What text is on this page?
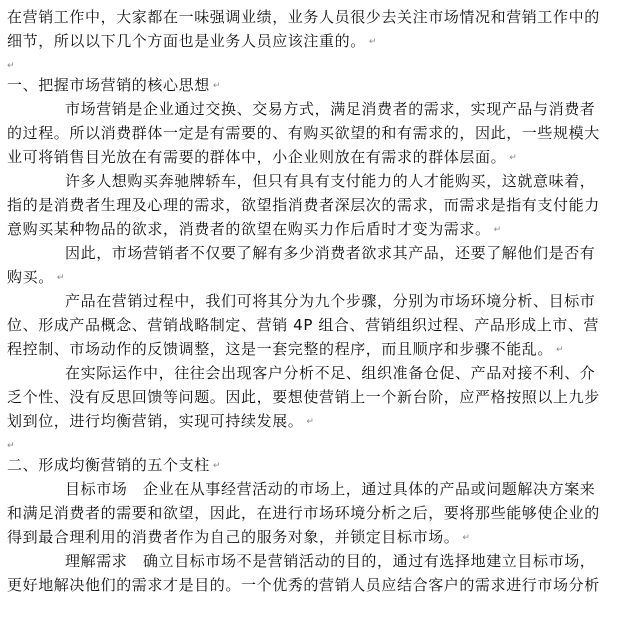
在营销工作中，大家都在一味强调业绩，业务人员很少去关注市场情况和营销工作中的
细节，所以以下几个方面也是业务人员应该注重的。 ↵
↵
一、把握市场营销的核心思想 ↵
市场营销是企业通过交换、交易方式，满足消费者的需求，实现产品与消费者
的过程。所以消费群体一定是有需要的、有购买欲望的和有需求的，因此，一些规模大
业可将销售目光放在有需要的群体中，小企业则放在有需求的群体层面。 ↵
许多人想购买奔驰牌轿车，但只有具有支付能力的人才能购买，这就意味着，
指的是消费者生理及心理的需求，欲望指消费者深层次的需求，而需求是指有支付能力
意购买某种物品的欲求，消费者的欲望在购买力作后盾时才变为需求。 ↵
因此，市场营销者不仅要了解有多少消费者欲求其产品，还要了解他们是否有
购买。 ↵
产品在营销过程中，我们可将其分为九个步骤，分别为市场环境分析、目标市
位、形成产品概念、营销战略制定、营销 4P 组合、营销组织过程、产品形成上市、营
程控制、市场动作的反馈调整，这是一套完整的程序，而且顺序和步骤不能乱。 ↵
在实际运作中，往往会出现客户分析不足、组织准备仓促、产品对接不利、介
乏个性、没有反思回馈等问题。因此，要想使营销上一个新台阶，应严格按照以上九步
划到位，进行均衡营销，实现可持续发展。 ↵
↵
二、形成均衡营销的五个支柱 ↵
目标市场　企业在从事经营活动的市场上，通过具体的产品或问题解决方案来
和满足消费者的需要和欲望，因此，在进行市场环境分析之后，要将那些能够使企业的
得到最合理利用的消费者作为自己的服务对象，并锁定目标市场。 ↵
理解需求　确立目标市场不是营销活动的目的，通过有选择地建立目标市场，
更好地解决他们的需求才是目的。一个优秀的营销人员应结合客户的需求进行市场分析
